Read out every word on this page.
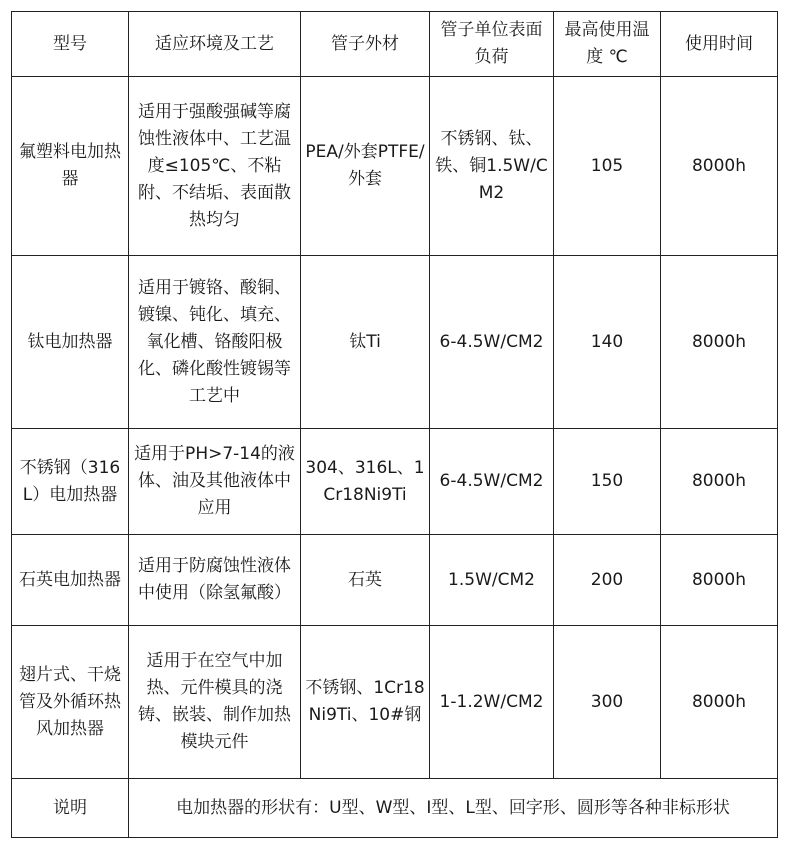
型号	适应环境及工艺	管子外材	管子单位表面负荷	最高使用温度 ℃	使用时间
氟塑料电加热器	适用于强酸强碱等腐蚀性液体中、工艺温度≤105℃、不粘附、不结垢、表面散热均匀	PEA/外套PTFE/外套	不锈钢、钛、铁、铜1.5W/CM2	105	8000h
钛电加热器	适用于镀铬、酸铜、镀镍、钝化、填充、氧化槽、铬酸阳极化、磷化酸性镀锡等工艺中	钛Ti	6-4.5W/CM2	140	8000h
不锈钢（316L）电加热器	适用于PH>7-14的液体、油及其他液体中应用	304、316L、1Cr18Ni9Ti	6-4.5W/CM2	150	8000h
石英电加热器	适用于防腐蚀性液体中使用（除氢氟酸）	石英	1.5W/CM2	200	8000h
翅片式、干烧管及外循环热风加热器	适用于在空气中加热、元件模具的浇铸、嵌装、制作加热模块元件	不锈钢、1Cr18Ni9Ti、10#钢	1-1.2W/CM2	300	8000h
说明	电加热器的形状有：U型、W型、I型、L型、回字形、圆形等各种非标形状				
